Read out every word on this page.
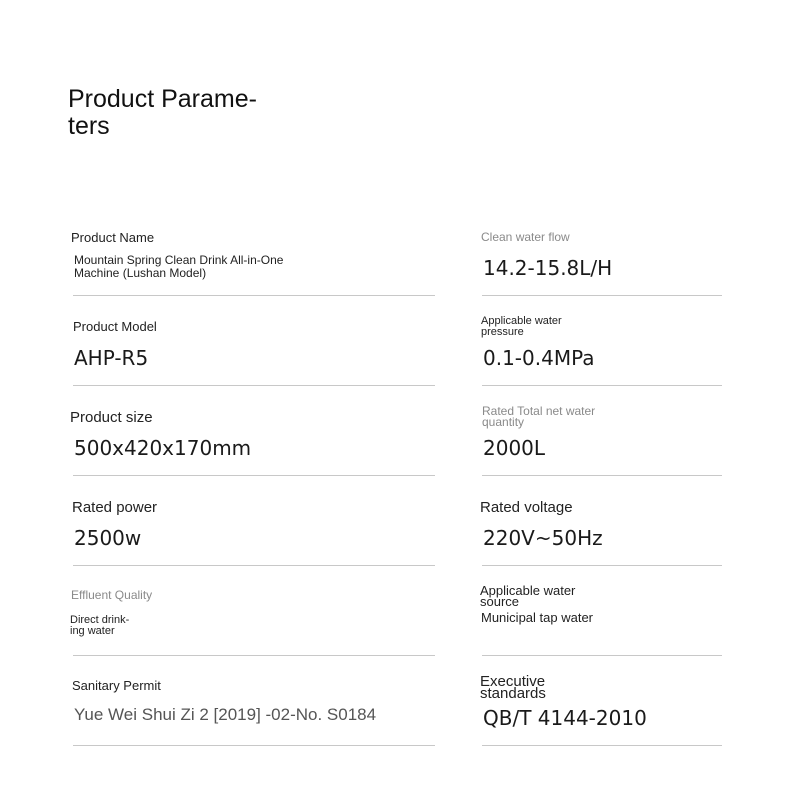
Product Parame-
ters
Product Name
Mountain Spring Clean Drink All-in-One
Machine (Lushan Model)
Product Model
AHP-R5
Product size
500x420x170mm
Rated power
2500w
Effluent Quality
Direct drink-
ing water
Sanitary Permit
Yue Wei Shui Zi 2 [2019] -02-No. S0184
Clean water flow
14.2-15.8L/H
Applicable water
pressure
0.1-0.4MPa
Rated Total net water
quantity
2000L
Rated voltage
220V~50Hz
Applicable water
source
Municipal tap water
Executive
standards
QB/T 4144-2010
